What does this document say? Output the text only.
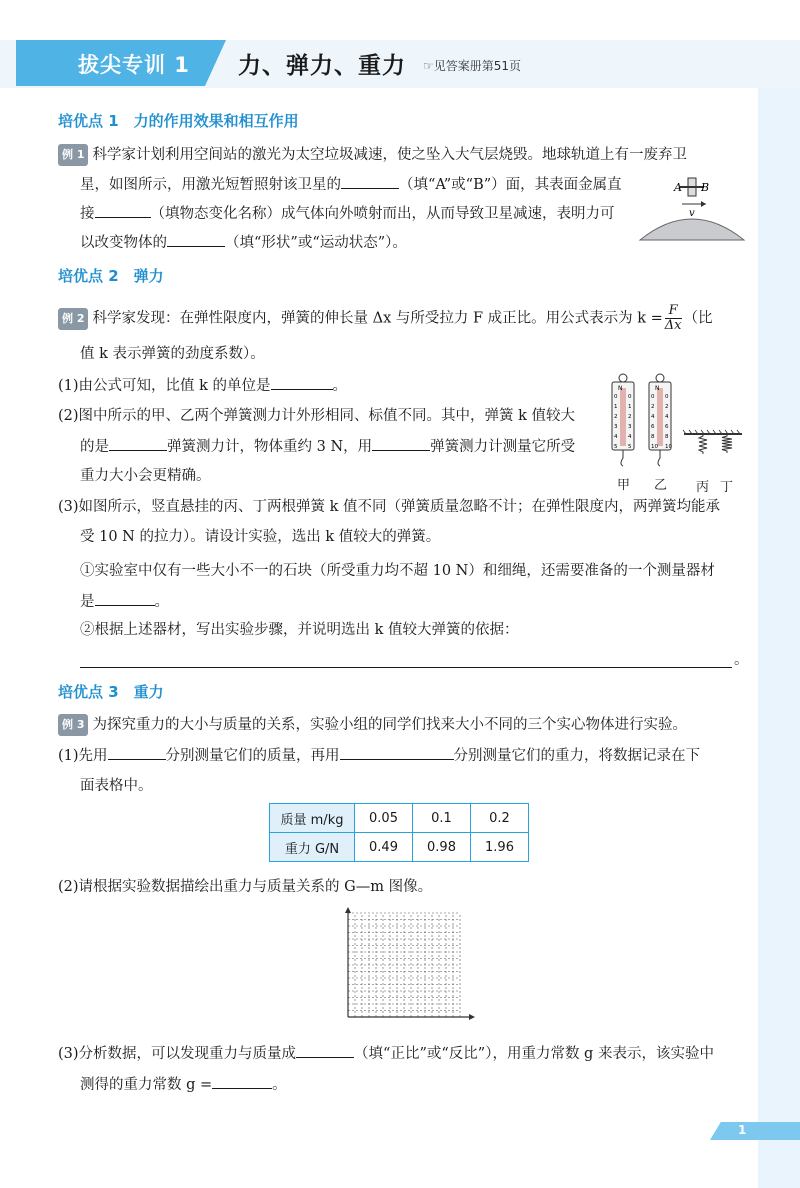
拔尖专训 1 力、弹力、重力 ☞见答案册第51页
培优点 1　力的作用效果和相互作用
例 1 科学家计划利用空间站的激光为太空垃圾减速，使之坠入大气层烧毁。地球轨道上有一废弃卫
星，如图所示，用激光短暂照射该卫星的	（填“A”或“B”）面，其表面金属直
接	（填物态变化名称）成气体向外喷射而出，从而导致卫星减速，表明力可
以改变物体的	（填“形状”或“运动状态”）。
A B
v
培优点 2　弹力
例 2 科学家发现：在弹性限度内，弹簧的伸长量 Δx 与所受拉力 F 成正比。用公式表示为 $k = \frac{F}{\Delta x}$ （比
值 k 表示弹簧的劲度系数）。
(1)由公式可知，比值 k 的单位是	。
(2)图中所示的甲、乙两个弹簧测力计外形相同、标值不同。其中，弹簧 k 值较大
的是	弹簧测力计，物体重约 3 N，用	弹簧测力计测量它所受
重力大小会更精确。
(3)如图所示，竖直悬挂的丙、丁两根弹簧 k 值不同（弹簧质量忽略不计；在弹性限度内，两弹簧均能承
受 10 N 的拉力）。请设计实验，选出 k 值较大的弹簧。
①实验室中仅有一些大小不一的石块（所受重力均不超 10 N）和细绳，还需要准备的一个测量器材
是	。
②根据上述器材，写出实验步骤，并说明选出 k 值较大弹簧的依据：
。
N	N
0
1
2
3
4
5
0
1
2
3
4
5
0
2
4
6
8
10
0
2
4
6
8
10
甲 乙 丙 丁
培优点 3　重力
例 3 为探究重力的大小与质量的关系，实验小组的同学们找来大小不同的三个实心物体进行实验。
(1)先用	分别测量它们的质量，再用	分别测量它们的重力，将数据记录在下
面表格中。
质量 m/kg	0.05	0.1	0.2
重力 G/N	0.49	0.98	1.96
(2)请根据实验数据描绘出重力与质量关系的 G—m 图像。
(3)分析数据，可以发现重力与质量成	（填“正比”或“反比”），用重力常数 g 来表示，该实验中
测得的重力常数 g =	。
1
